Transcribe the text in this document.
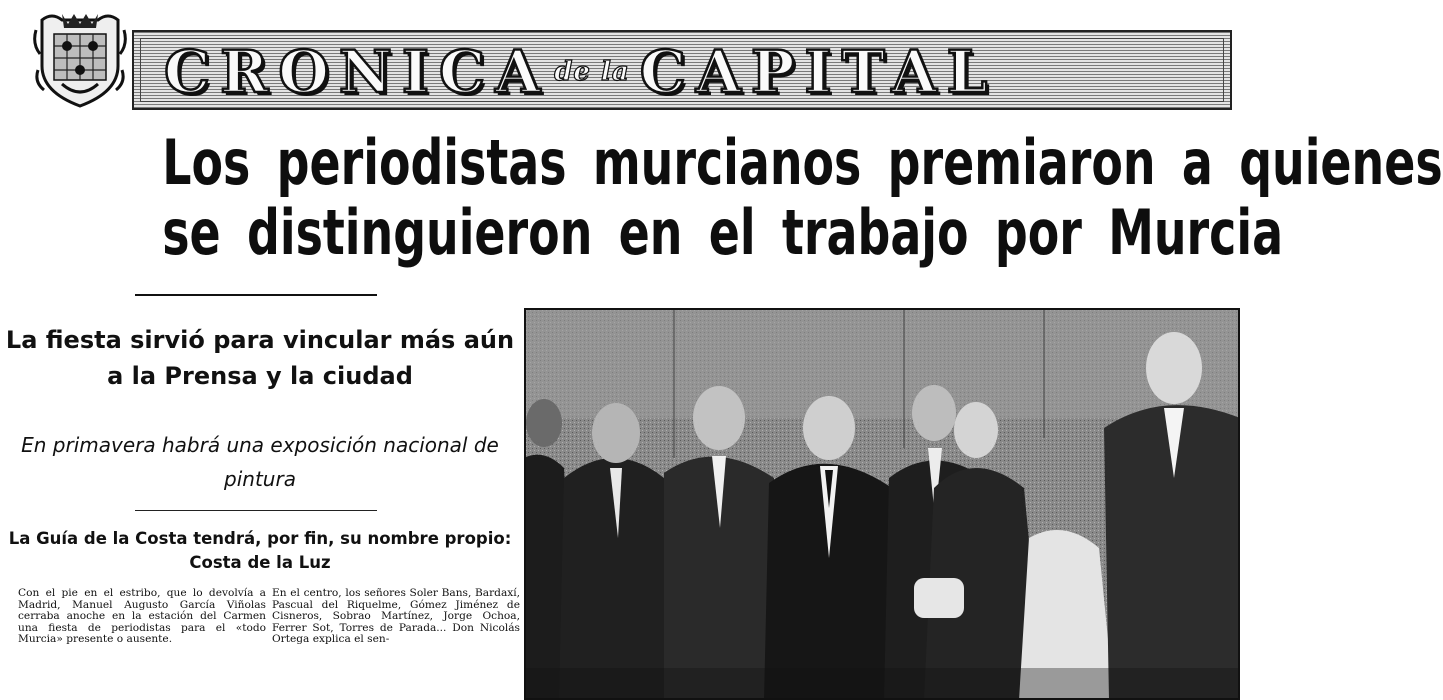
CRONICA de la CAPITAL
Los periodistas murcianos premiaron a quienes
se distinguieron en el trabajo por Murcia

La fiesta sirvió para vincular más aún a la Prensa y la ciudad

En primavera habrá una exposición nacional de pintura

La Guía de la Costa tendrá, por fin, su nombre propio: Costa de la Luz

Con el pie en el estribo, que lo devolvía a Madrid, Manuel Augusto García Viñolas cerraba anoche en la estación del Carmen una fiesta de periodistas para el «todo Murcia» presente o ausente.

En el centro, los señores Soler Bans, Bardaxí, Pascual del Riquelme, Gómez Jiménez de Cisneros, Sobrao Martínez, Jorge Ochoa, Ferrer Sot, Torres de Parada... Don Nicolás Ortega explica el sen-
